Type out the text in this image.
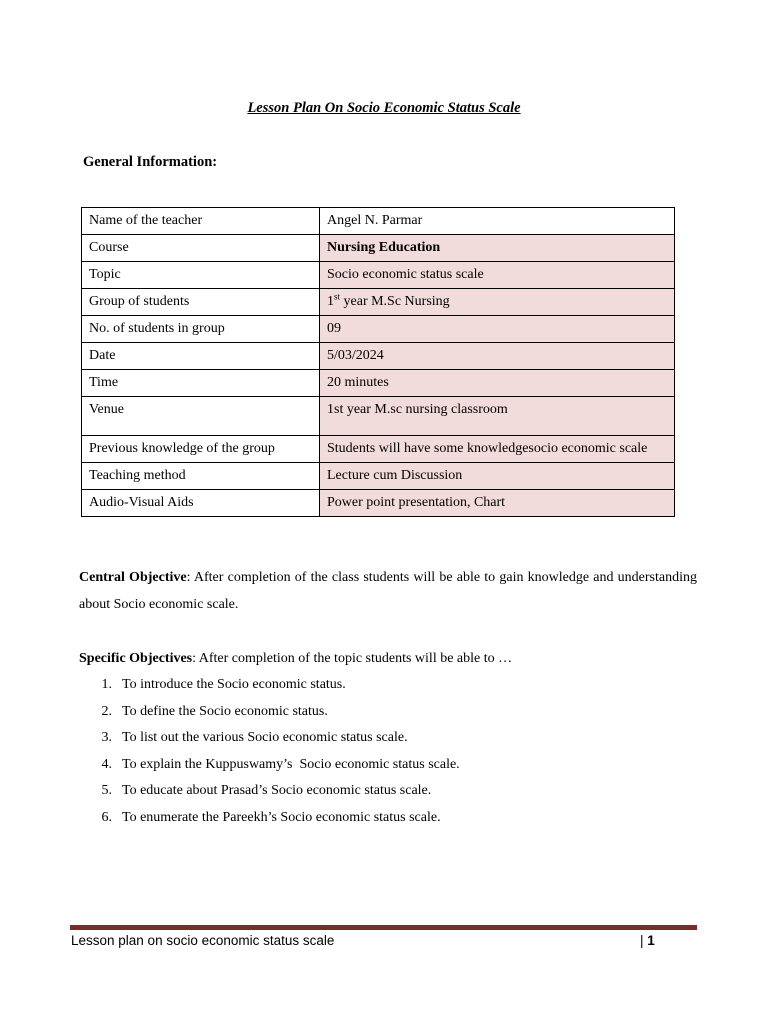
Lesson Plan On Socio Economic Status Scale
General Information:
Name of the teacher	Angel N. Parmar
Course	Nursing Education
Topic	Socio economic status scale
Group of students	1st year M.Sc Nursing
No. of students in group	09
Date	5/03/2024
Time	20 minutes
Venue	1st year M.sc nursing classroom
Previous knowledge of the group	Students will have some knowledgesocio economic scale
Teaching method	Lecture cum Discussion
Audio-Visual Aids	Power point presentation, Chart
Central Objective: After completion of the class students will be able to gain knowledge and understanding about Socio economic scale.
Specific Objectives: After completion of the topic students will be able to …
1. To introduce the Socio economic status.
2. To define the Socio economic status.
3. To list out the various Socio economic status scale.
4. To explain the Kuppuswamy’s  Socio economic status scale.
5. To educate about Prasad’s Socio economic status scale.
6. To enumerate the Pareekh’s Socio economic status scale.
Lesson plan on socio economic status scale	| 1
